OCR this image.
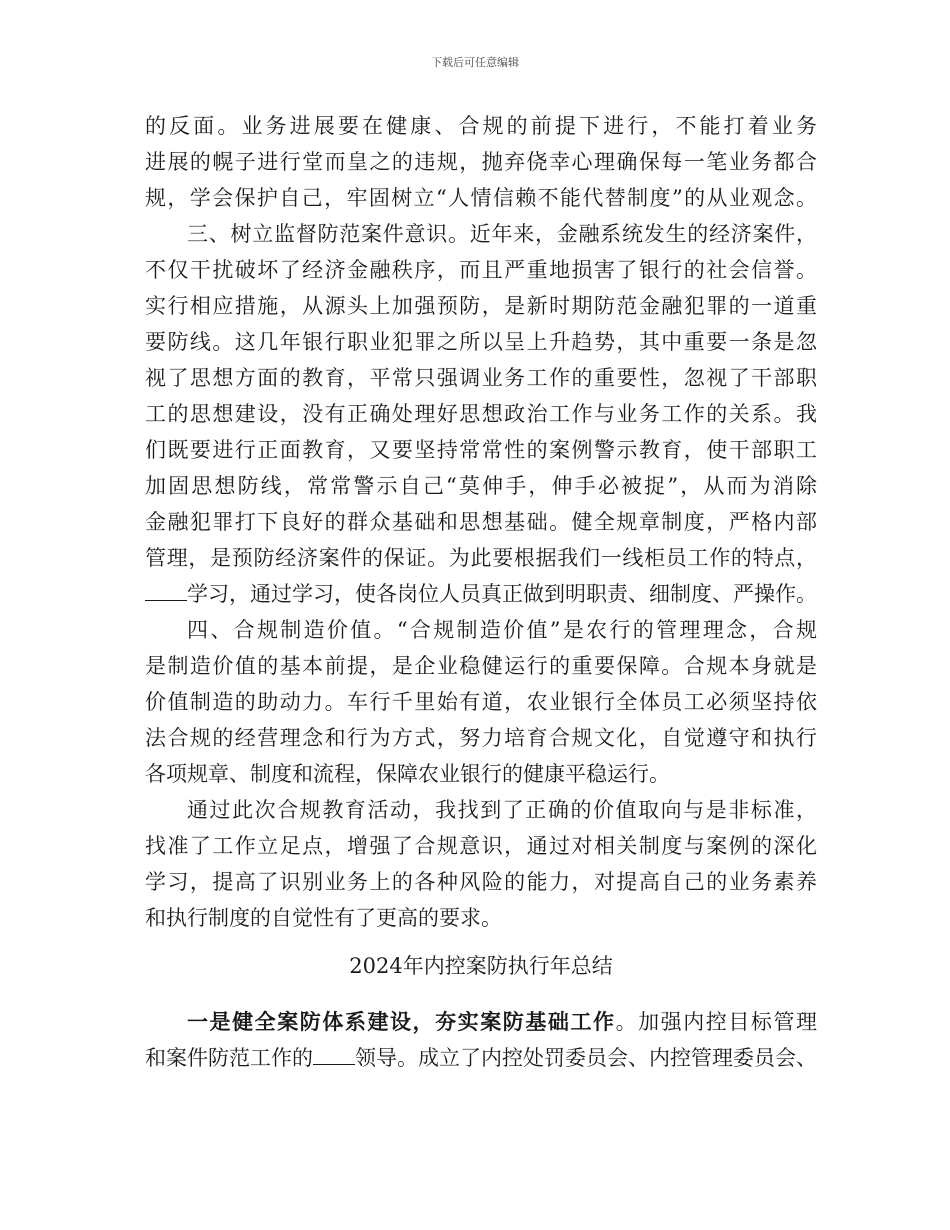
下载后可任意编辑
的反面。业务进展要在健康、合规的前提下进行，不能打着业务
进展的幌子进行堂而皇之的违规，抛弃侥幸心理确保每一笔业务都合
规，学会保护自己，牢固树立“人情信赖不能代替制度”的从业观念。
三、树立监督防范案件意识。近年来，金融系统发生的经济案件，
不仅干扰破坏了经济金融秩序，而且严重地损害了银行的社会信誉。
实行相应措施，从源头上加强预防，是新时期防范金融犯罪的一道重
要防线。这几年银行职业犯罪之所以呈上升趋势，其中重要一条是忽
视了思想方面的教育，平常只强调业务工作的重要性，忽视了干部职
工的思想建设，没有正确处理好思想政治工作与业务工作的关系。我
们既要进行正面教育，又要坚持常常性的案例警示教育，使干部职工
加固思想防线，常常警示自己“莫伸手，伸手必被捉”，从而为消除
金融犯罪打下良好的群众基础和思想基础。健全规章制度，严格内部
管理，是预防经济案件的保证。为此要根据我们一线柜员工作的特点，
学习，通过学习，使各岗位人员真正做到明职责、细制度、严操作。
四、合规制造价值。“合规制造价值”是农行的管理理念，合规
是制造价值的基本前提，是企业稳健运行的重要保障。合规本身就是
价值制造的助动力。车行千里始有道，农业银行全体员工必须坚持依
法合规的经营理念和行为方式，努力培育合规文化，自觉遵守和执行
各项规章、制度和流程，保障农业银行的健康平稳运行。
通过此次合规教育活动，我找到了正确的价值取向与是非标准，
找准了工作立足点，增强了合规意识，通过对相关制度与案例的深化
学习，提高了识别业务上的各种风险的能力，对提高自己的业务素养
和执行制度的自觉性有了更高的要求。
2024年内控案防执行年总结
一是健全案防体系建设，夯实案防基础工作。加强内控目标管理
和案件防范工作的 领导。成立了内控处罚委员会、内控管理委员会、
